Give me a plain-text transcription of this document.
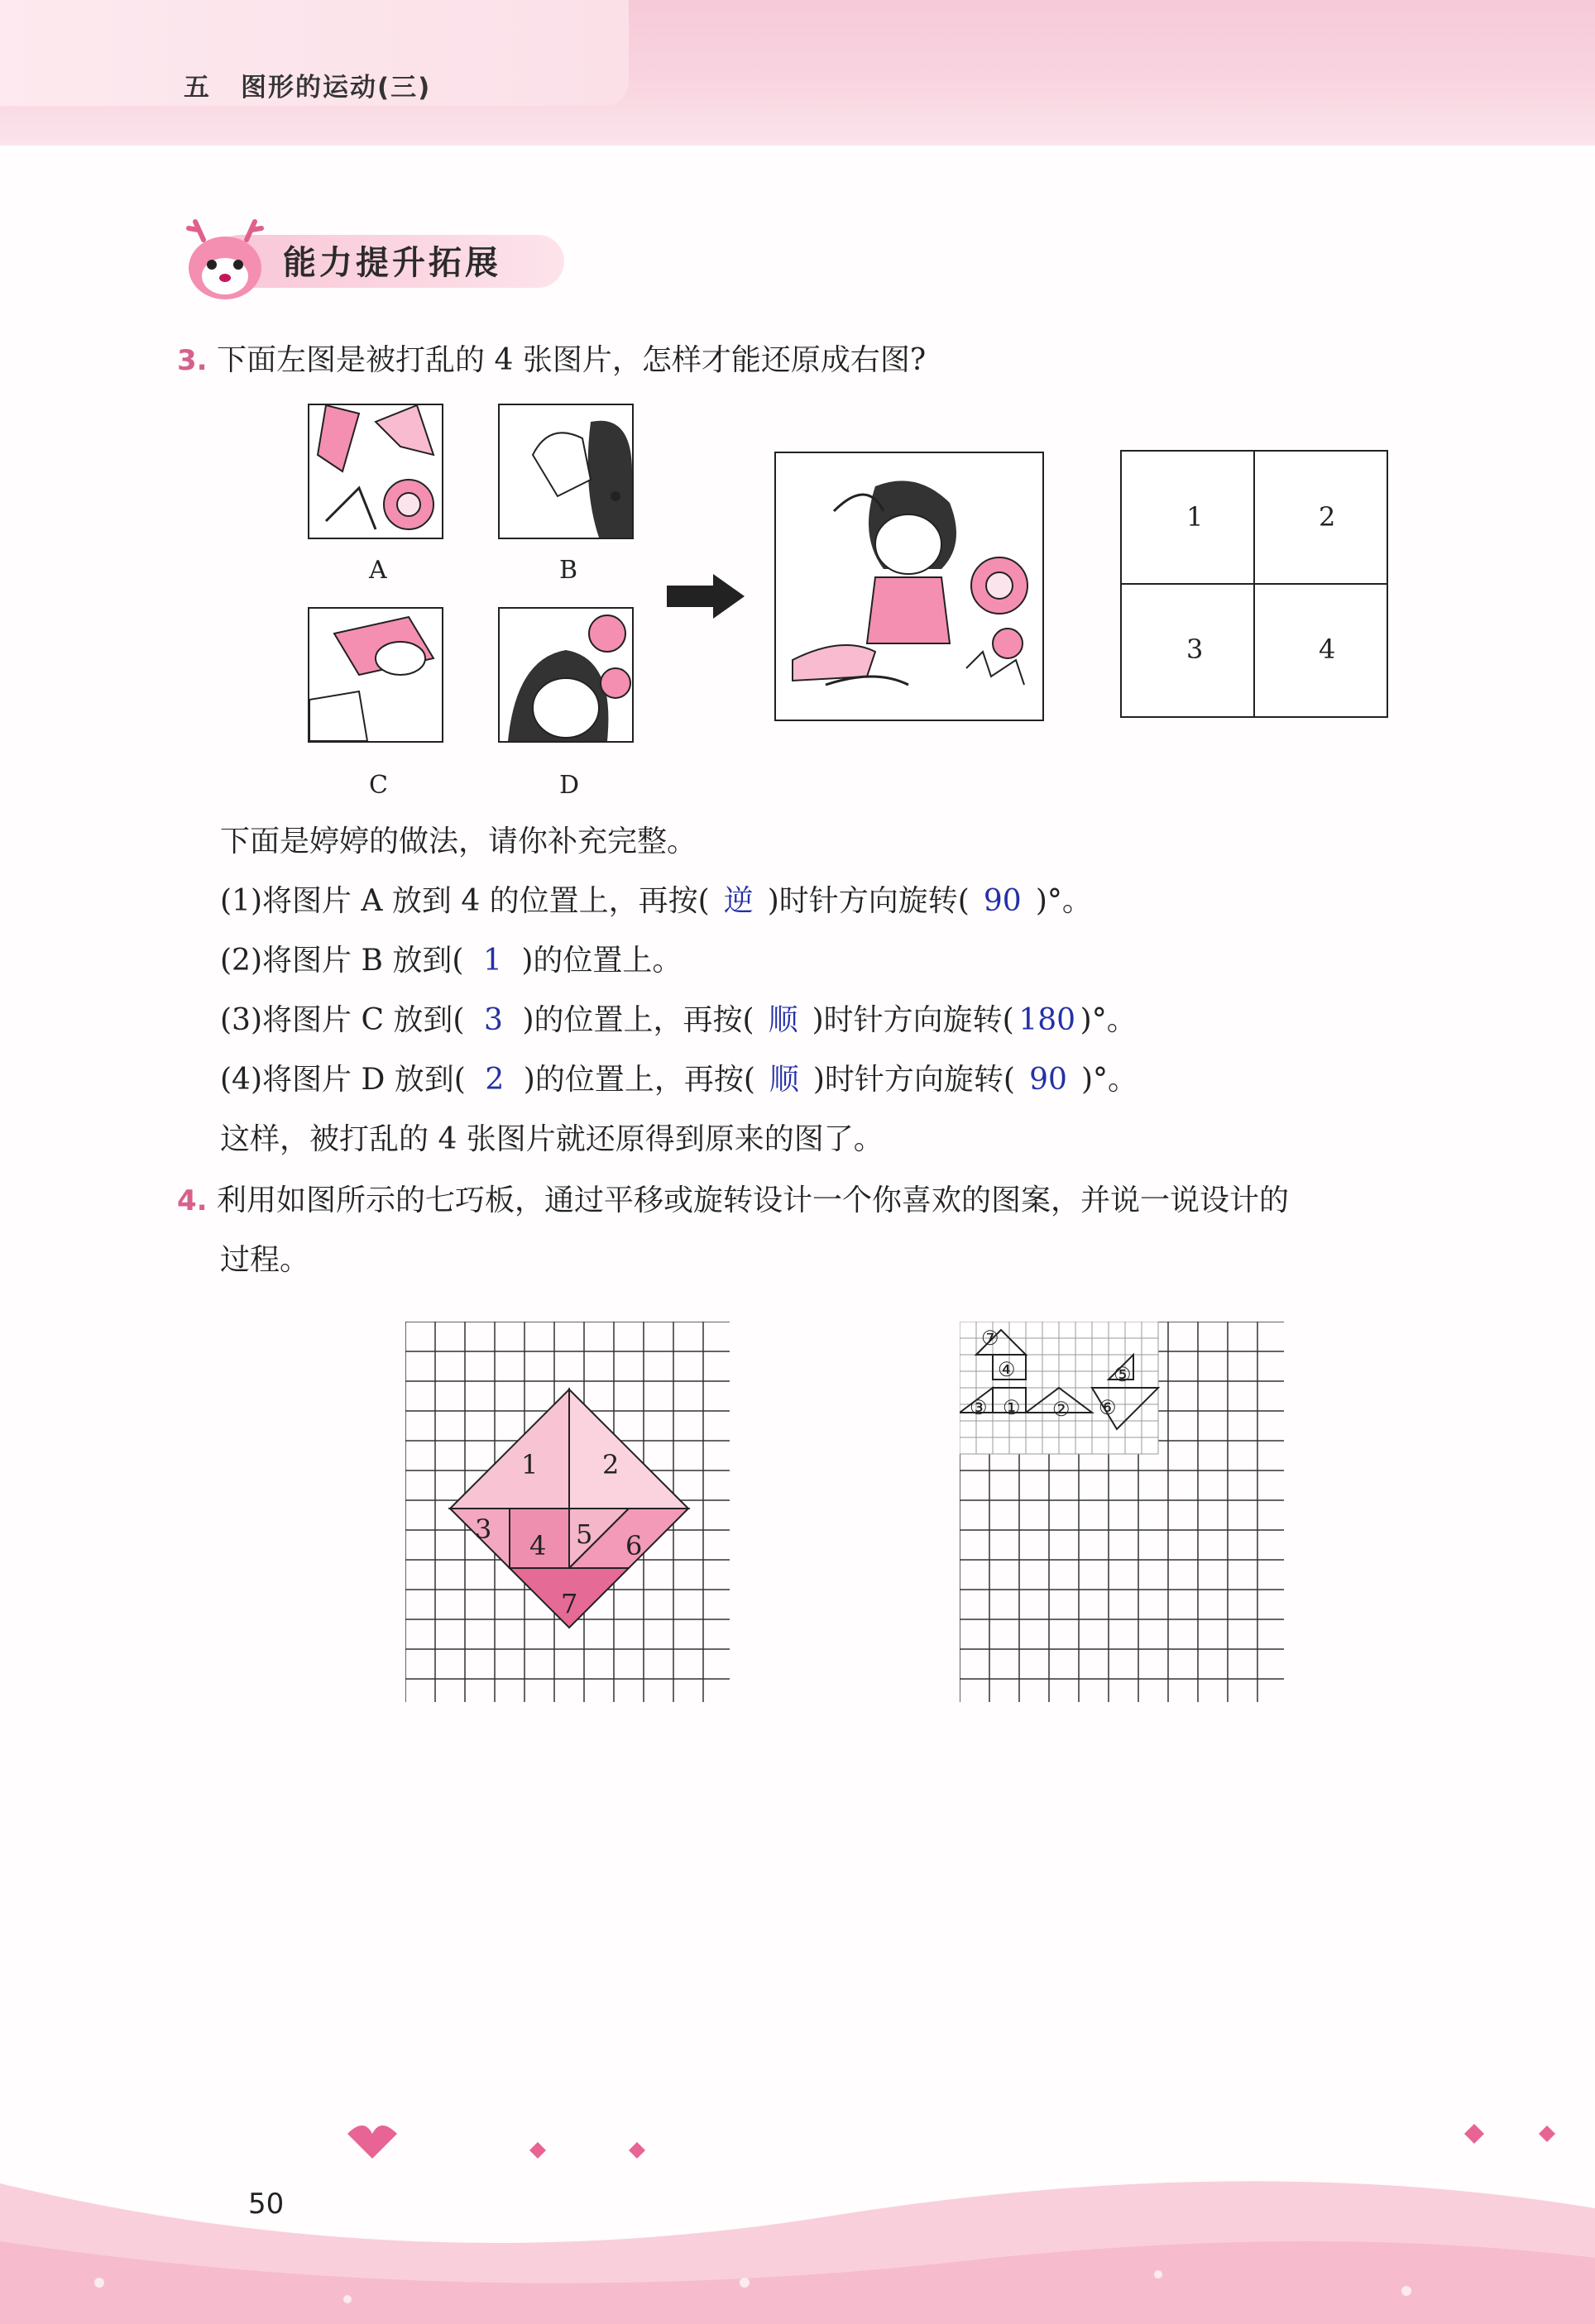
五 图形的运动(三)
能力提升拓展
3. 下面左图是被打乱的 4 张图片，怎样才能还原成右图?
A	B
C	D
1	2
3	4
下面是婷婷的做法，请你补充完整。
(1)将图片 A 放到 4 的位置上，再按( 逆 )时针方向旋转( 90 )°。
(2)将图片 B 放到( 1 )的位置上。
(3)将图片 C 放到( 3 )的位置上，再按( 顺 )时针方向旋转( 180 )°。
(4)将图片 D 放到( 2 )的位置上，再按( 顺 )时针方向旋转( 90 )°。
这样，被打乱的 4 张图片就还原得到原来的图了。
4. 利用如图所示的七巧板，通过平移或旋转设计一个你喜欢的图案，并说一说设计的
过程。
1 2
3
4 5 6
7
⑦
④	⑤
③ ① ② ⑥
50
